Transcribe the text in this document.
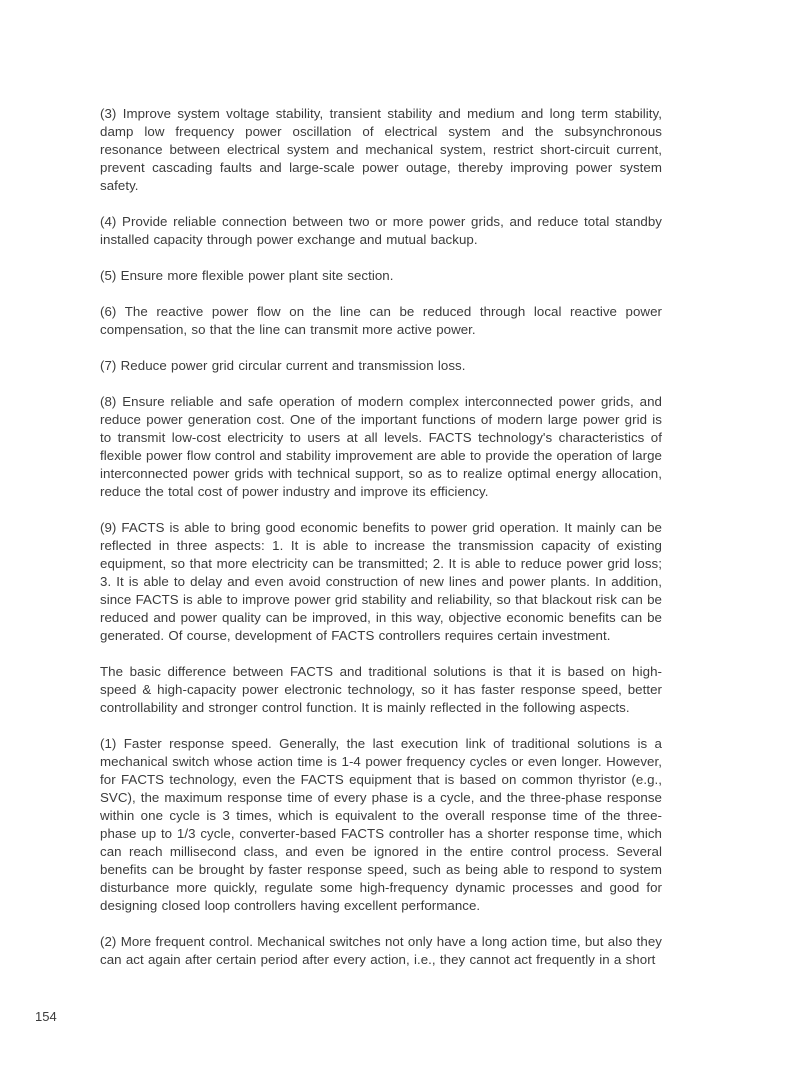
(3) Improve system voltage stability, transient stability and medium and long term stability, damp low frequency power oscillation of electrical system and the subsynchronous resonance between electrical system and mechanical system, restrict short-circuit current, prevent cascading faults and large-scale power outage, thereby improving power system safety.

(4) Provide reliable connection between two or more power grids, and reduce total standby installed capacity through power exchange and mutual backup.

(5) Ensure more flexible power plant site section.

(6) The reactive power flow on the line can be reduced through local reactive power compensation, so that the line can transmit more active power.

(7) Reduce power grid circular current and transmission loss.

(8) Ensure reliable and safe operation of modern complex interconnected power grids, and reduce power generation cost. One of the important functions of modern large power grid is to transmit low-cost electricity to users at all levels. FACTS technology's characteristics of flexible power flow control and stability improvement are able to provide the operation of large interconnected power grids with technical support, so as to realize optimal energy allocation, reduce the total cost of power industry and improve its efficiency.

(9) FACTS is able to bring good economic benefits to power grid operation. It mainly can be reflected in three aspects: 1. It is able to increase the transmission capacity of existing equipment, so that more electricity can be transmitted; 2. It is able to reduce power grid loss; 3. It is able to delay and even avoid construction of new lines and power plants. In addition, since FACTS is able to improve power grid stability and reliability, so that blackout risk can be reduced and power quality can be improved, in this way, objective economic benefits can be generated. Of course, development of FACTS controllers requires certain investment.

The basic difference between FACTS and traditional solutions is that it is based on high-speed & high-capacity power electronic technology, so it has faster response speed, better controllability and stronger control function. It is mainly reflected in the following aspects.

(1) Faster response speed. Generally, the last execution link of traditional solutions is a mechanical switch whose action time is 1-4 power frequency cycles or even longer. However, for FACTS technology, even the FACTS equipment that is based on common thyristor (e.g., SVC), the maximum response time of every phase is a cycle, and the three-phase response within one cycle is 3 times, which is equivalent to the overall response time of the three-phase up to 1/3 cycle, converter-based FACTS controller has a shorter response time, which can reach millisecond class, and even be ignored in the entire control process. Several benefits can be brought by faster response speed, such as being able to respond to system disturbance more quickly, regulate some high-frequency dynamic processes and good for designing closed loop controllers having excellent performance.

(2) More frequent control. Mechanical switches not only have a long action time, but also they can act again after certain period after every action, i.e., they cannot act frequently in a short

154
